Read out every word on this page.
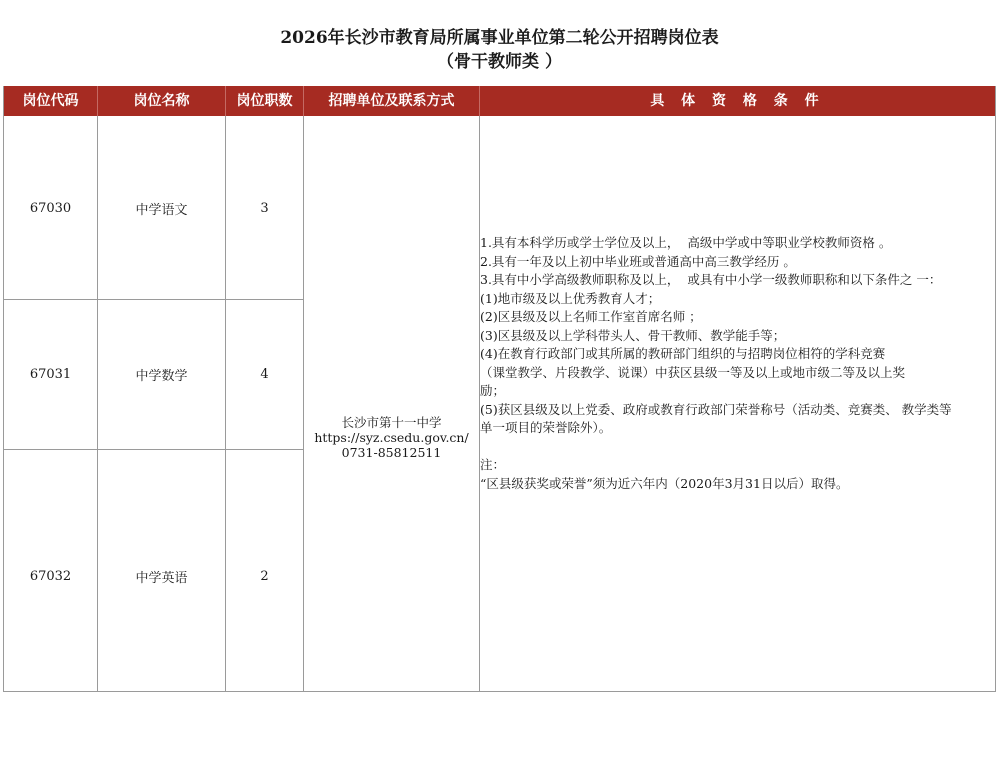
2026年长沙市教育局所属事业单位第二轮公开招聘岗位表
（骨干教师类 ）
岗位代码	岗位名称	岗位职数	招聘单位及联系方式	具 体 资 格 条 件
67030	中学语文	3
67031	中学数学	4
67032	中学英语	2
长沙市第十一中学
https://syz.csedu.gov.cn/
0731-85812511
1.具有本科学历或学士学位及以上，  高级中学或中等职业学校教师资格 。
2.具有一年及以上初中毕业班或普通高中高三教学经历 。
3.具有中小学高级教师职称及以上，  或具有中小学一级教师职称和以下条件之 一：
(1)地市级及以上优秀教育人才；
(2)区县级及以上名师工作室首席名师 ；
(3)区县级及以上学科带头人、骨干教师、教学能手等；
(4)在教育行政部门或其所属的教研部门组织的与招聘岗位相符的学科竞赛
（课堂教学、片段教学、说课）中获区县级一等及以上或地市级二等及以上奖
励；
(5)获区县级及以上党委、政府或教育行政部门荣誉称号（活动类、竞赛类、 教学类等
单一项目的荣誉除外）。

注：
“区县级获奖或荣誉”须为近六年内（2020年3月31日以后）取得。
